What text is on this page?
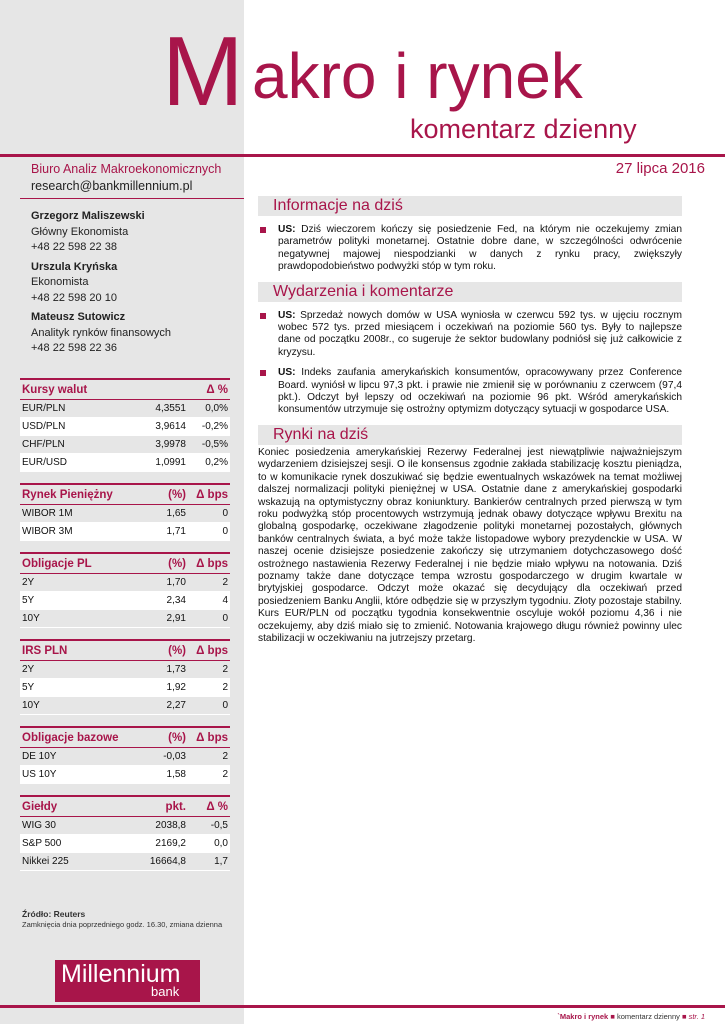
M akro i rynek
komentarz dzienny
Biuro Analiz Makroekonomicznych
research@bankmillennium.pl
27 lipca 2016
Grzegorz Maliszewski
Główny Ekonomista
+48 22 598 22 38
Urszula Kryńska
Ekonomista
+48 22 598 20 10
Mateusz Sutowicz
Analityk rynków finansowych
+48 22 598 22 36
Kursy walut	Δ %
EUR/PLN	4,3551	0,0%
USD/PLN	3,9614	-0,2%
CHF/PLN	3,9978	-0,5%
EUR/USD	1,0991	0,2%
Rynek Pieniężny	(%) Δ bps
WIBOR 1M	1,65	0
WIBOR 3M	1,71	0
Obligacje PL	(%) Δ bps
2Y	1,70	2
5Y	2,34	4
10Y	2,91	0
IRS PLN	(%) Δ bps
2Y	1,73	2
5Y	1,92	2
10Y	2,27	0
Obligacje bazowe	(%) Δ bps
DE 10Y	-0,03	2
US 10Y	1,58	2
Giełdy	pkt.	Δ %
WIG 30	2038,8	-0,5
S&P 500	2169,2	0,0
Nikkei 225	16664,8	1,7
Źródło: Reuters
Zamknięcia dnia poprzedniego godz. 16.30, zmiana dzienna
Millennium
bank
Informacje na dziś
US: Dziś wieczorem kończy się posiedzenie Fed, na którym nie oczekujemy zmian parametrów polityki monetarnej. Ostatnie dobre dane, w szczególności odwrócenie negatywnej majowej niespodzianki w danych z rynku pracy, zwiększyły prawdopodobieństwo podwyżki stóp w tym roku.
Wydarzenia i komentarze
US: Sprzedaż nowych domów w USA wyniosła w czerwcu 592 tys. w ujęciu rocznym wobec 572 tys. przed miesiącem i oczekiwań na poziomie 560 tys. Były to najlepsze dane od początku 2008r., co sugeruje że sektor budowlany podniósł się już całkowicie z kryzysu.
US: Indeks zaufania amerykańskich konsumentów, opracowywany przez Conference Board. wyniósł w lipcu 97,3 pkt. i prawie nie zmienił się w porównaniu z czerwcem (97,4 pkt.). Odczyt był lepszy od oczekiwań na poziomie 96 pkt. Wśród amerykańskich konsumentów utrzymuje się ostrożny optymizm dotyczący sytuacji w gospodarce USA.
Rynki na dziś
Koniec posiedzenia amerykańskiej Rezerwy Federalnej jest niewątpliwie najważniejszym wydarzeniem dzisiejszej sesji. O ile konsensus zgodnie zakłada stabilizację kosztu pieniądza, to w komunikacie rynek doszukiwać się będzie ewentualnych wskazówek na temat możliwej dalszej normalizacji polityki pieniężnej w USA. Ostatnie dane z amerykańskiej gospodarki wskazują na optymistyczny obraz koniunktury. Bankierów centralnych przed pierwszą w tym roku podwyżką stóp procentowych wstrzymują jednak obawy dotyczące wpływu Brexitu na globalną gospodarkę, oczekiwane złagodzenie polityki monetarnej pozostałych, głównych banków centralnych świata, a być może także listopadowe wybory prezydenckie w USA. W naszej ocenie dzisiejsze posiedzenie zakończy się utrzymaniem dotychczasowego dość ostrożnego nastawienia Rezerwy Federalnej i nie będzie miało wpływu na notowania. Dziś poznamy także dane dotyczące tempa wzrostu gospodarczego w drugim kwartale w brytyjskiej gospodarce. Odczyt może okazać się decydujący dla oczekiwań przed posiedzeniem Banku Anglii, które odbędzie się w przyszłym tygodniu. Złoty pozostaje stabilny. Kurs EUR/PLN od początku tygodnia konsekwentnie oscyluje wokół poziomu 4,36 i nie oczekujemy, aby dziś miało się to zmienić. Notowania krajowego długu również powinny ulec stabilizacji w oczekiwaniu na jutrzejszy przetarg.
`Makro i rynek ■ komentarz dzienny ■ str. 1
